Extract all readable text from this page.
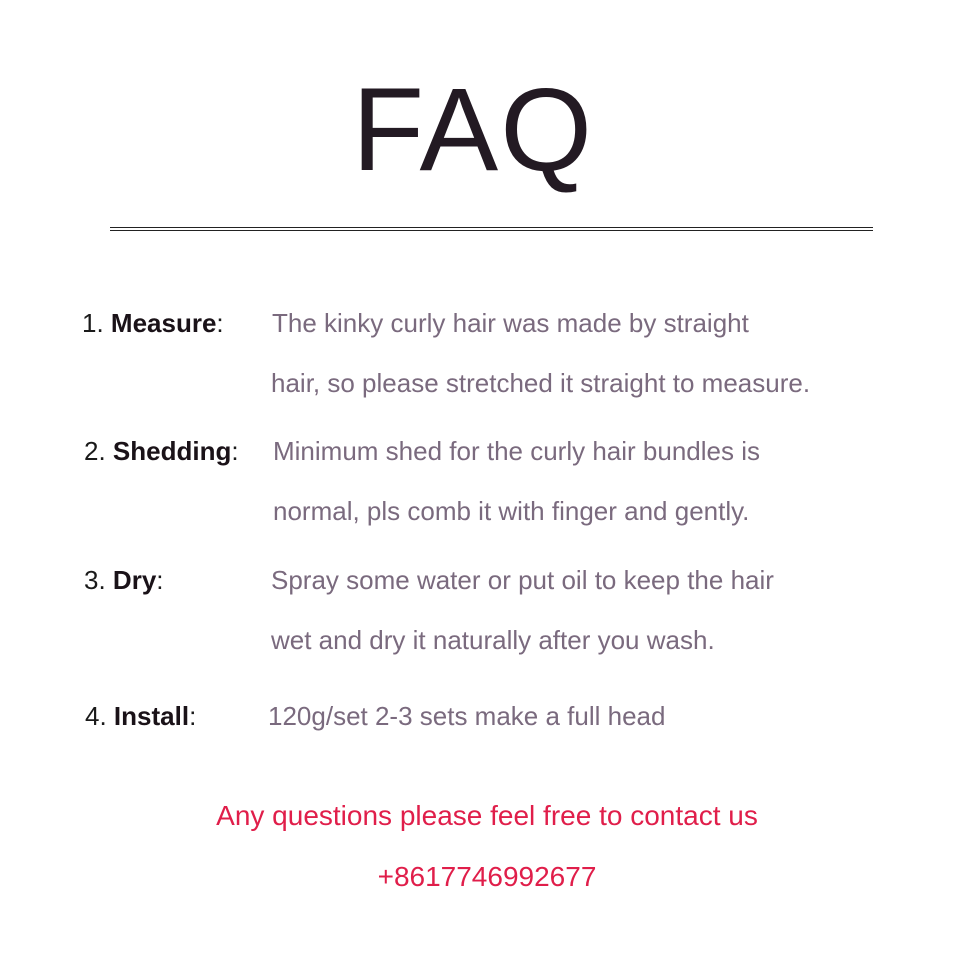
FAQ
1. Measure: The kinky curly hair was made by straight
hair, so please stretched it straight to measure.
2. Shedding: Minimum shed for the curly hair bundles is
normal, pls comb it with finger and gently.
3. Dry:	Spray some water or put oil to keep the hair
wet and dry it naturally after you wash.
4. Install:	120g/set 2-3 sets make a full head
Any questions please feel free to contact us
+8617746992677
